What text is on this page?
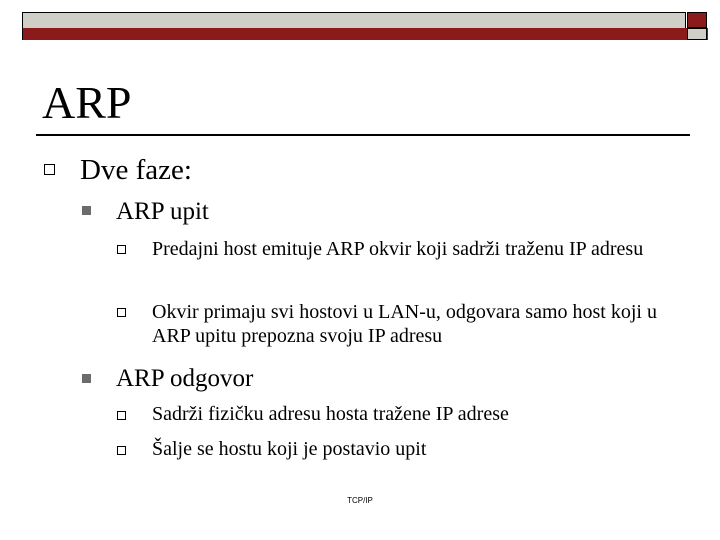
ARP
Dve faze:
ARP upit
Predajni host emituje ARP okvir koji sadrži traženu IP adresu
Okvir primaju svi hostovi u LAN-u, odgovara samo host koji u ARP upitu prepozna svoju IP adresu
ARP odgovor
Sadrži fizičku adresu hosta tražene IP adrese
Šalje se hostu koji je postavio upit
TCP/IP
